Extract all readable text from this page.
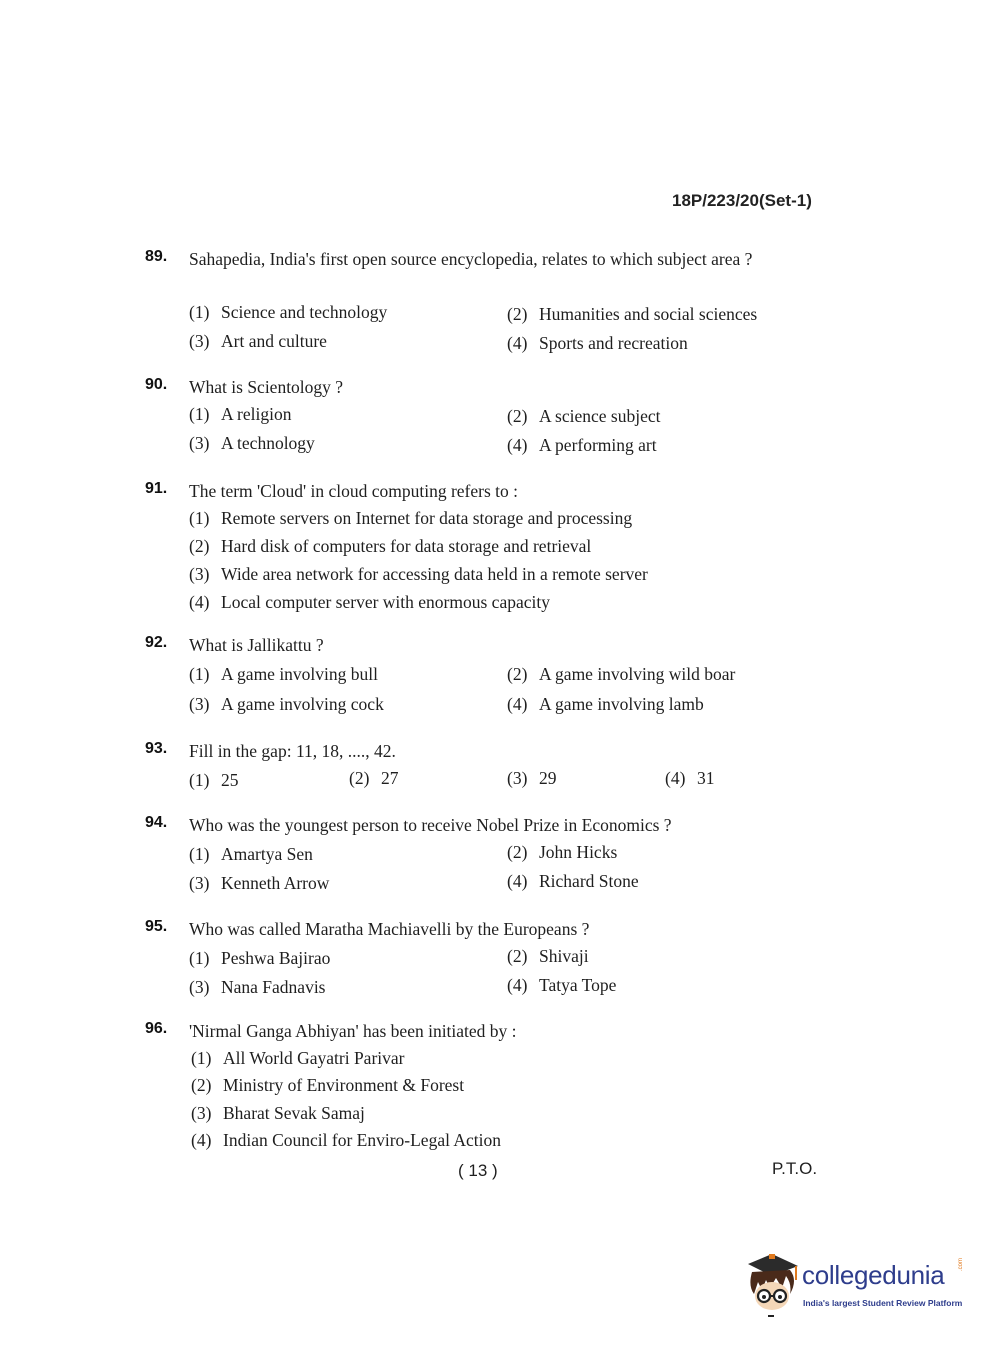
18P/223/20(Set-1)
89. Sahapedia, India's first open source encyclopedia, relates to which subject area ?
(1) Science and technology	(2) Humanities and social sciences
(3) Art and culture	(4) Sports and recreation
90. What is Scientology ?
(1) A religion	(2) A science subject
(3) A technology	(4) A performing art
91. The term 'Cloud' in cloud computing refers to :
(1) Remote servers on Internet for data storage and processing
(2) Hard disk of computers for data storage and retrieval
(3) Wide area network for accessing data held in a remote server
(4) Local computer server with enormous capacity
92. What is Jallikattu ?
(1) A game involving bull	(2) A game involving wild boar
(3) A game involving cock	(4) A game involving lamb
93. Fill in the gap: 11, 18, ...., 42.
(1) 25	(2) 27	(3) 29	(4) 31
94. Who was the youngest person to receive Nobel Prize in Economics ?
(1) Amartya Sen	(2) John Hicks
(3) Kenneth Arrow	(4) Richard Stone
95. Who was called Maratha Machiavelli by the Europeans ?
(1) Peshwa Bajirao	(2) Shivaji
(3) Nana Fadnavis	(4) Tatya Tope
96. 'Nirmal Ganga Abhiyan' has been initiated by :
(1) All World Gayatri Parivar
(2) Ministry of Environment & Forest
(3) Bharat Sevak Samaj
(4) Indian Council for Enviro-Legal Action
( 13 )	P.T.O.
collegedunia .com
India's largest Student Review Platform
